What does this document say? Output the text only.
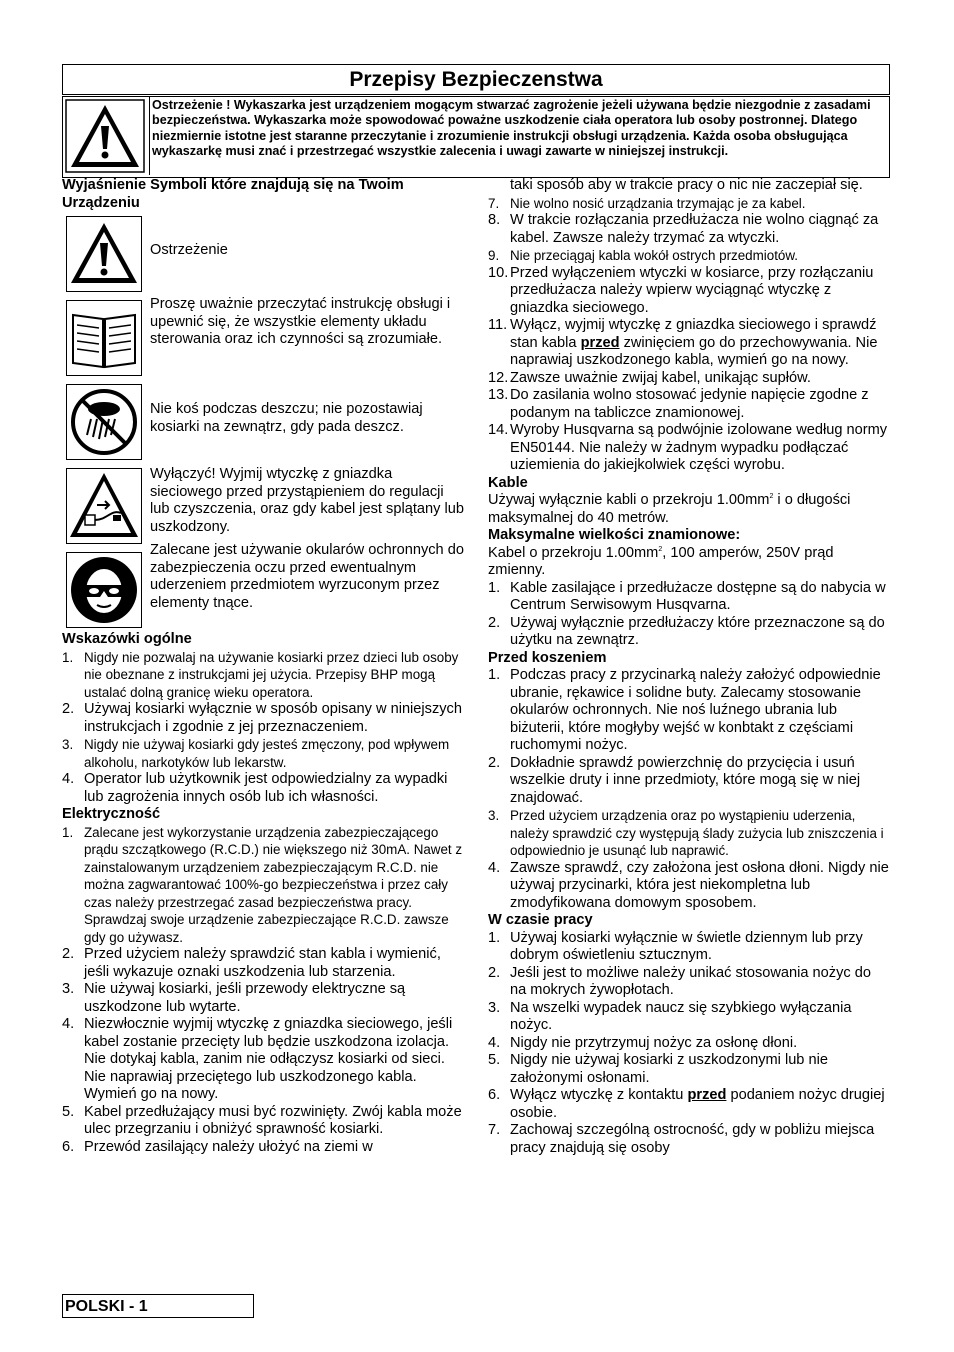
Przepisy Bezpieczenstwa
Ostrzeżenie ! Wykaszarka jest urządzeniem mogącym stwarzać zagrożenie jeżeli używana będzie niezgodnie z zasadami bezpieczeństwa. Wykaszarka może spowodować poważne uszkodzenie ciała operatora lub osoby postronnej. Dlatego niezmiernie istotne jest staranne przeczytanie i zrozumienie instrukcji obsługi urządzenia. Każda osoba obsługująca wykaszarkę musi znać i przestrzegać wszystkie zalecenia i uwagi zawarte w niniejszej instrukcji.
Wyjaśnienie Symboli które znajdują się na Twoim Urządzeniu
Ostrzeżenie
Proszę uważnie przeczytać instrukcję obsługi i upewnić się, że wszystkie elementy układu sterowania oraz ich czynności są zrozumiałe.
Nie koś podczas deszczu; nie pozostawiaj kosiarki na zewnątrz, gdy pada deszcz.
Wyłączyć! Wyjmij wtyczkę z gniazdka sieciowego przed przystąpieniem do regulacji lub czyszczenia, oraz gdy kabel jest splątany lub uszkodzony.
Zalecane jest używanie okularów ochronnych do zabezpieczenia oczu przed ewentualnym uderzeniem przedmiotem wyrzuconym przez elementy tnące.
Wskazówki ogólne
1. Nigdy nie pozwalaj na używanie kosiarki przez dzieci lub osoby nie obeznane z instrukcjami jej użycia. Przepisy BHP mogą ustalać dolną granicę wieku operatora.
2. Używaj kosiarki wyłącznie w sposób opisany w niniejszych instrukcjach i zgodnie z jej przeznaczeniem.
3. Nigdy nie używaj kosiarki gdy jesteś zmęczony, pod wpływem alkoholu, narkotyków lub lekarstw.
4. Operator lub użytkownik jest odpowiedzialny za wypadki lub zagrożenia innych osób lub ich własności.
Elektryczność
1. Zalecane jest wykorzystanie urządzenia zabezpieczającego prądu szczątkowego (R.C.D.) nie większego niż 30mA. Nawet z zainstalowanym urządzeniem zabezpieczającym R.C.D. nie można zagwarantować 100%-go bezpieczeństwa i przez cały czas należy przestrzegać zasad bezpieczeństwa pracy. Sprawdzaj swoje urządzenie zabezpieczające R.C.D. zawsze gdy go używasz.
2. Przed użyciem należy sprawdzić stan kabla i wymienić, jeśli wykazuje oznaki uszkodzenia lub starzenia.
3. Nie używaj kosiarki, jeśli przewody elektryczne są uszkodzone lub wytarte.
4. Niezwłocznie wyjmij wtyczkę z gniazdka sieciowego, jeśli kabel zostanie przecięty lub będzie uszkodzona izolacja. Nie dotykaj kabla, zanim nie odłączysz kosiarki od sieci. Nie naprawiaj przeciętego lub uszkodzonego kabla. Wymień go na nowy.
5. Kabel przedłużający musi być rozwinięty. Zwój kabla może ulec przegrzaniu i obniżyć sprawność kosiarki.
6. Przewód zasilający należy ułożyć na ziemi w
taki sposób aby w trakcie pracy o nic nie zaczepiał się.
7. Nie wolno nosić urządzania trzymając je za kabel.
8. W trakcie rozłączania przedłużacza nie wolno ciągnąć za kabel. Zawsze należy trzymać za wtyczki.
9. Nie przeciągaj kabla wokół ostrych przedmiotów.
10. Przed wyłączeniem wtyczki w kosiarce, przy rozłączaniu przedłużacza należy wpierw wyciągnąć wtyczkę z gniazdka sieciowego.
11. Wyłącz, wyjmij wtyczkę z gniazdka sieciowego i sprawdź stan kabla przed zwinięciem go do przechowywania. Nie naprawiaj uszkodzonego kabla, wymień go na nowy.
12. Zawsze uważnie zwijaj kabel, unikając supłów.
13. Do zasilania wolno stosować jedynie napięcie zgodne z podanym na tabliczce znamionowej.
14. Wyroby Husqvarna są podwójnie izolowane według normy EN50144. Nie należy w żadnym wypadku podłączać uziemienia do jakiejkolwiek części wyrobu.
Kable
Używaj wyłącznie kabli o przekroju $1.00mm^2$ i o długości maksymalnej do 40 metrów.
Maksymalne wielkości znamionowe:
Kabel o przekroju $1.00mm^2$, 100 amperów, 250V prąd zmienny.
1. Kable zasilające i przedłużacze dostępne są do nabycia w Centrum Serwisowym Husqvarna.
2. Używaj wyłącznie przedłużaczy które przeznaczone są do użytku na zewnątrz.
Przed koszeniem
1. Podczas pracy z przycinarką należy założyć odpowiednie ubranie, rękawice i solidne buty. Zalecamy stosowanie okularów ochronnych. Nie noś luźnego ubrania lub biżuterii, które mogłyby wejść w konbtakt z częściami ruchomymi nożyc.
2. Dokładnie sprawdź powierzchnię do przycięcia i usuń wszelkie druty i inne przedmioty, które mogą się w niej znajdować.
3. Przed użyciem urządzenia oraz po wystąpieniu uderzenia, należy sprawdzić czy występują ślady zużycia lub zniszczenia i odpowiednio je usunąć lub naprawić.
4. Zawsze sprawdź, czy założona jest osłona dłoni. Nigdy nie używaj przycinarki, która jest niekompletna lub zmodyfikowana domowym sposobem.
W czasie pracy
1. Używaj kosiarki wyłącznie w świetle dziennym lub przy dobrym oświetleniu sztucznym.
2. Jeśli jest to możliwe należy unikać stosowania nożyc do na mokrych żywopłotach.
3. Na wszelki wypadek naucz się szybkiego wyłączania nożyc.
4. Nigdy nie przytrzymuj nożyc za osłonę dłoni.
5. Nigdy nie używaj kosiarki z uszkodzonymi lub nie założonymi osłonami.
6. Wyłącz wtyczkę z kontaktu przed podaniem nożyc drugiej osobie.
7. Zachowaj szczególną ostrocność, gdy w pobliżu miejsca pracy znajdują się osoby
POLSKI - 1
